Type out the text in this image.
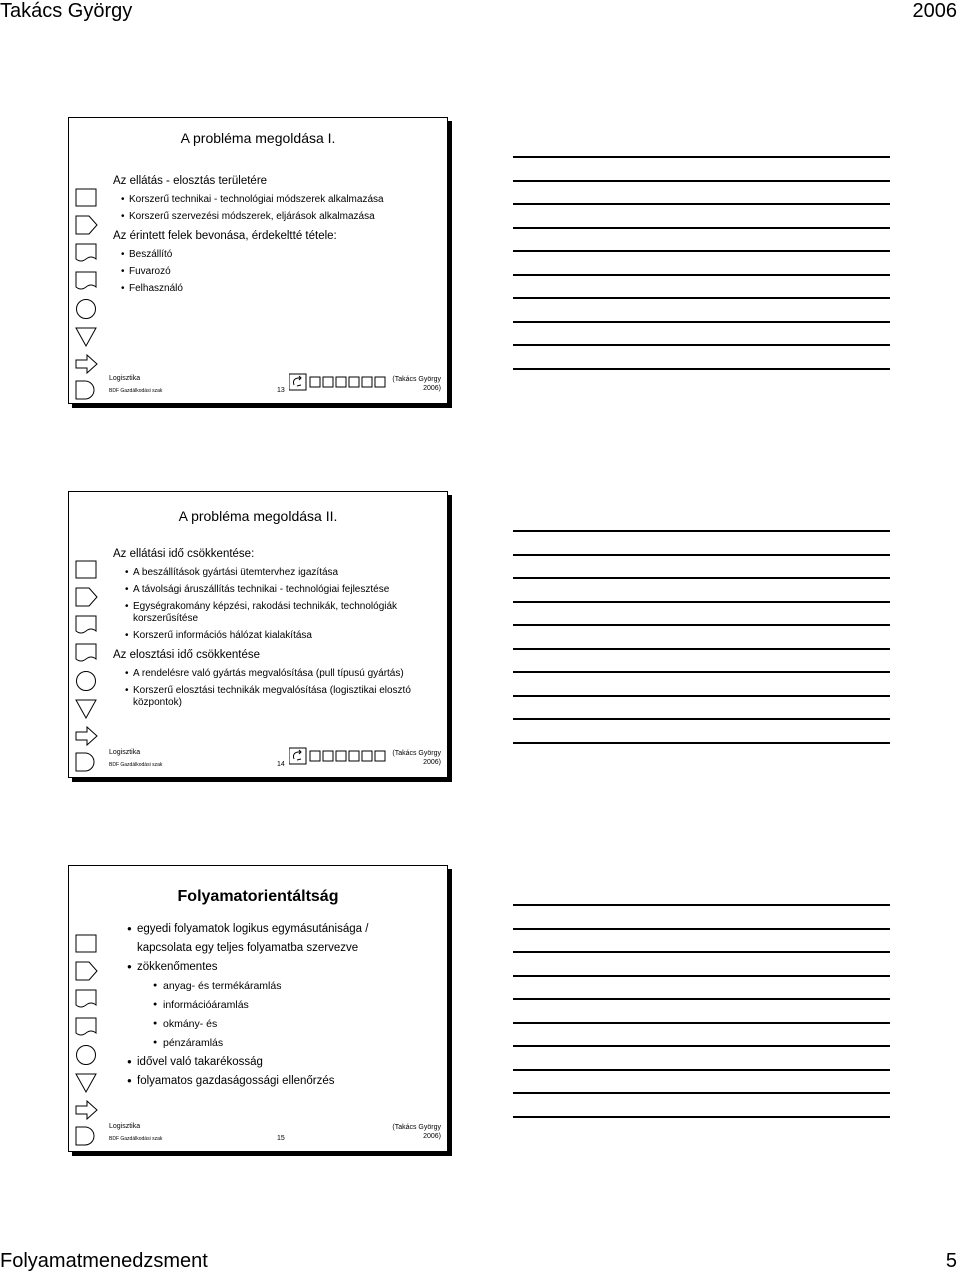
Takács György	2006
A probléma megoldása I.
Az ellátás - elosztás területére
• Korszerű technikai - technológiai módszerek alkalmazása
• Korszerű szervezési módszerek, eljárások alkalmazása
Az érintett felek bevonása, érdekeltté tétele:
• Beszállító
• Fuvarozó
• Felhasználó
Logisztika
BDF Gazdálkodási szak	13
(Takács György
2006)
A probléma megoldása II.
Az ellátási idő csökkentése:
• A beszállítások gyártási ütemtervhez igazítása
• A távolsági áruszállítás technikai - technológiai fejlesztése
• Egységrakomány képzési, rakodási technikák, technológiák korszerűsítése
• Korszerű információs hálózat kialakítása
Az elosztási idő csökkentése
• A rendelésre való gyártás megvalósítása (pull típusú gyártás)
• Korszerű elosztási technikák megvalósítása (logisztikai elosztó központok)
Logisztika
BDF Gazdálkodási szak	14
(Takács György
2006)
Folyamatorientáltság
● egyedi folyamatok logikus egymásutánisága /
kapcsolata egy teljes folyamatba szervezve
● zökkenőmentes
● anyag- és termékáramlás
● információáramlás
● okmány- és
● pénzáramlás
● idővel való takarékosság
● folyamatos gazdaságossági ellenőrzés
Logisztika
BDF Gazdálkodási szak	15
(Takács György
2006)
Folyamatmenedzsment	5
